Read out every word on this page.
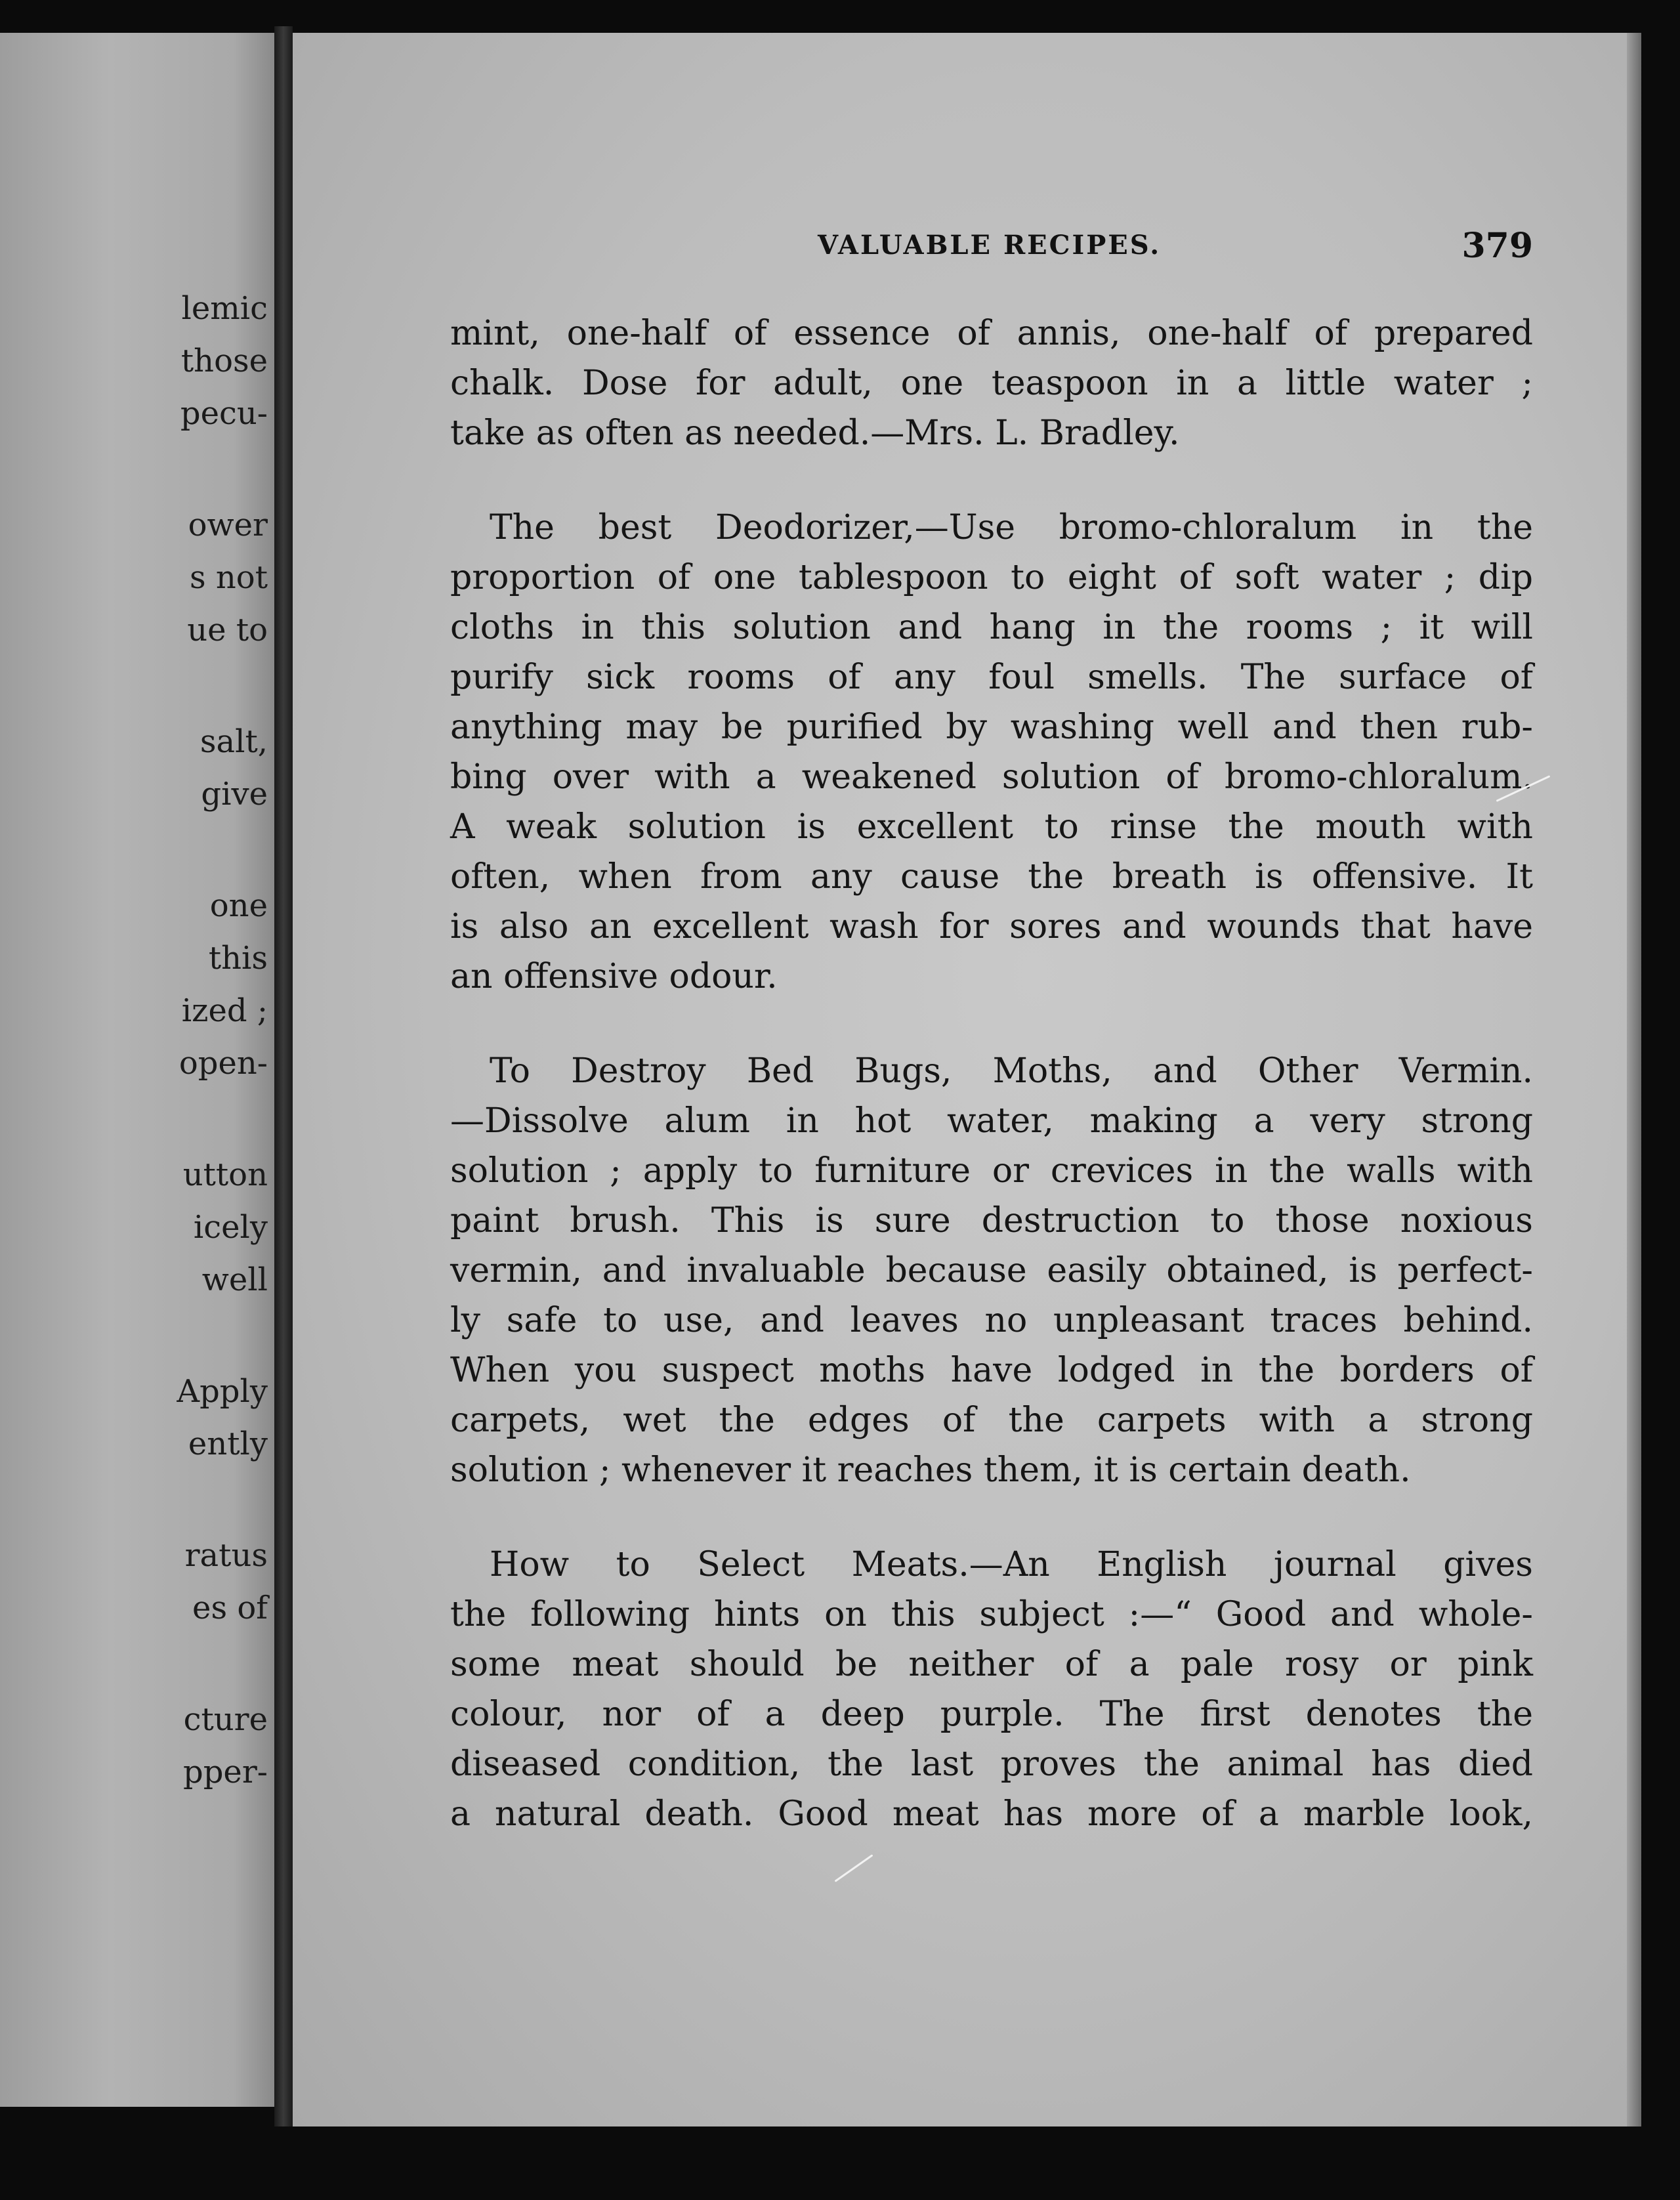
lemic
those
pecu-
ower
s not
ue to
salt,
give
one
this
ized ;
open-
utton
icely
well
Apply
ently
ratus
es of
cture
pper-
VALUABLE RECIPES.	379
mint, one-half of essence of annis, one-half of prepared
chalk. Dose for adult, one teaspoon in a little water ;
take as often as needed.—Mrs. L. Bradley.
The best Deodorizer,—Use bromo-chloralum in the
proportion of one tablespoon to eight of soft water ; dip
cloths in this solution and hang in the rooms ; it will
purify sick rooms of any foul smells. The surface of
anything may be purified by washing well and then rub-
bing over with a weakened solution of bromo-chloralum.
A weak solution is excellent to rinse the mouth with
often, when from any cause the breath is offensive. It
is also an excellent wash for sores and wounds that have
an offensive odour.
To Destroy Bed Bugs, Moths, and Other Vermin.
—Dissolve alum in hot water, making a very strong
solution ; apply to furniture or crevices in the walls with
paint brush. This is sure destruction to those noxious
vermin, and invaluable because easily obtained, is perfect-
ly safe to use, and leaves no unpleasant traces behind.
When you suspect moths have lodged in the borders of
carpets, wet the edges of the carpets with a strong
solution ; whenever it reaches them, it is certain death.
How to Select Meats.—An English journal gives
the following hints on this subject :—“ Good and whole-
some meat should be neither of a pale rosy or pink
colour, nor of a deep purple. The first denotes the
diseased condition, the last proves the animal has died
a natural death. Good meat has more of a marble look,
